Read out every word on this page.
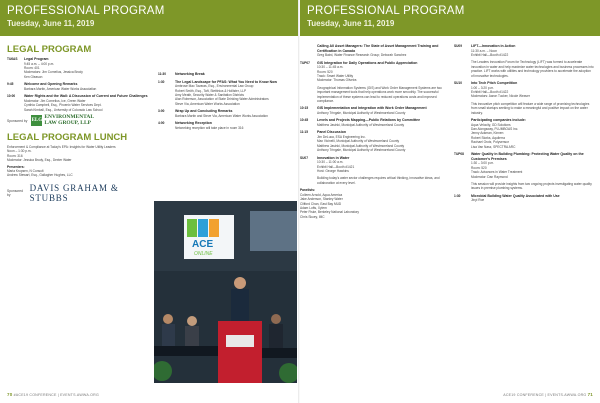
PROFESSIONAL PROGRAM
Tuesday, June 11, 2019
LEGAL PROGRAM
TU6AS	Legal Program
9:45 a.m. – 4:00 p.m.
Room: 401
Moderators: Jim Cornelius, Jessica Brody
Ken Gleason
9:45	Welcome and Opening Remarks
Barbara Martin, American Water Works Association
10:00	Water Rights and the Wall: A Discussion of Current and Future Challenges
Moderator: Jim Cornelius, Ice, Green Water
Cynthia Campbell, Esq., Phoenix Water Services Dept.
Sarah Kimball, Esq., University of Colorado Law School
Sponsored by ELG
ENVIRONMENTAL
LAW GROUP, LLP
LEGAL PROGRAM LUNCH
Enforcement & Compliance at Today's EPA: Insights for Water Utility Leaders
Noon – 1:30 p.m.
Room: 316
Moderator: Jessica Brody, Esq., Dexter Water
Presenters:
Maria Krupsen, N Consult
Andrew Stewart, Esq., Gallagher Hughes, LLC
Sponsored by
DAVIS GRAHAM & STUBBS
11:30	Networking Break
1:30	The Legal Landscape for PFAS: What You Need to Know Now
Ambrose Mac Tavaras, Esq., Environmental Law Group
Robert Smith, Esq., Taft, Stettinius & Hollister, LLP
Amy Meath, Security Water & Sanitation Districts
Alan Roberson, Association of State Drinking Water Administrators
Steve Via, American Water Works Association
3:00	Wrap Up and Concluding Remarks
Barbara Martin and Steve Via, American Water Works Association
4:00	Networking Reception
Networking reception will take place in room 316
ACE
ONLINE
70 #ACE19 CONFERENCE | EVENTS.AWWA.ORG
PROFESSIONAL PROGRAM
Tuesday, June 11, 2019
Calling All Asset Managers: The State of Asset Management Training and Certification in Canada
Greg Baird, Water Finance Research Group; Deborah Sanchez
TUP07	GIS Integration for Daily Operations and Public Appreciation
10:30 – 11:45 a.m.
Room: 520
Track: Smart Water Utility
Moderator: Thomas Oliveira
Geographical Information Systems (GIS) and Work Order Management Systems are two important management tools that help operations work more smoothly. The successful implementation of these systems can lead to reduced operations costs and improved compliance.
10:15	GIS Implementation and Integration with Work Order Management
Anthony Tringale, Municipal Authority of Westmoreland County
10:45	Levels and Projects Mapping—Public Relations by Committee
Matthew Jasinki, Municipal Authority of Westmoreland County
11:15	Panel Discussion
Jim DeLuca, ESA Engineering Inc.
Max Vicinelli, Municipal Authority of Westmoreland County
Matthew Jasinki, Municipal Authority of Westmoreland County
Anthony Tringale, Municipal Authority of Westmoreland County
SU07	Innovation in Water
10:30 – 11:00 a.m.
Exhibit Hall—Booth #1421
Host: George Hawkins
Building today's water sector challenges requires critical thinking, innovative ideas, and collaboration at every level.
Panelists:
Colleen Arnold, Aqua America
Jake Anderson, Stanley Water
Clifford Chan, East Bay MUD
Adam Lofts, Xylem
Peter Fiske, Berkeley National Laboratory
Chris Skuey, IMC
SU09	LIFT—Innovation in Action
11:30 a.m. – Noon
Exhibit Hall—Booth #1422
The Leaders Innovation Forum for Technology (LIFT) was formed to accelerate innovation in water and help maximize water technologies and business processes into practice. LIFT works with utilities and technology providers to accelerate the adoption of innovative technologies.
SU10	Into Tech Pitch Competition
1:00 – 3:20 p.m.
Exhibit Hall—Booth #1422
Moderators: Aaron Tucker, Nicole Weaver
This innovative pitch competition will feature a wide range of promising technologies from small startups seeking to make a meaningful and positive impact on the water industry.
Participating companies include:
Aqua Velocity, GD Solutions
Dan Alongsway, PLUMBOAS Inc.
Jenny Ackman, Kinnen
Robert Storks, Aquilerra
Rachael Grotz, Polysensor
Lisa Van Nasz, SPECTRA ARC
TUP08	Water Quality in Building Plumbing: Protecting Water Quality on the Customer's Premises
1:30 – 3:00 p.m.
Room: 520
Track: Advances in Water Treatment
Moderator: Dan Raymond
This session will provide insights from two ongoing projects investigating water quality issues in premise plumbing systems.
1:30	Microbial Building Water Quality Associated with Use
Jinyi Roe
ACE19 CONFERENCE | EVENTS.AWWA.ORG 71
